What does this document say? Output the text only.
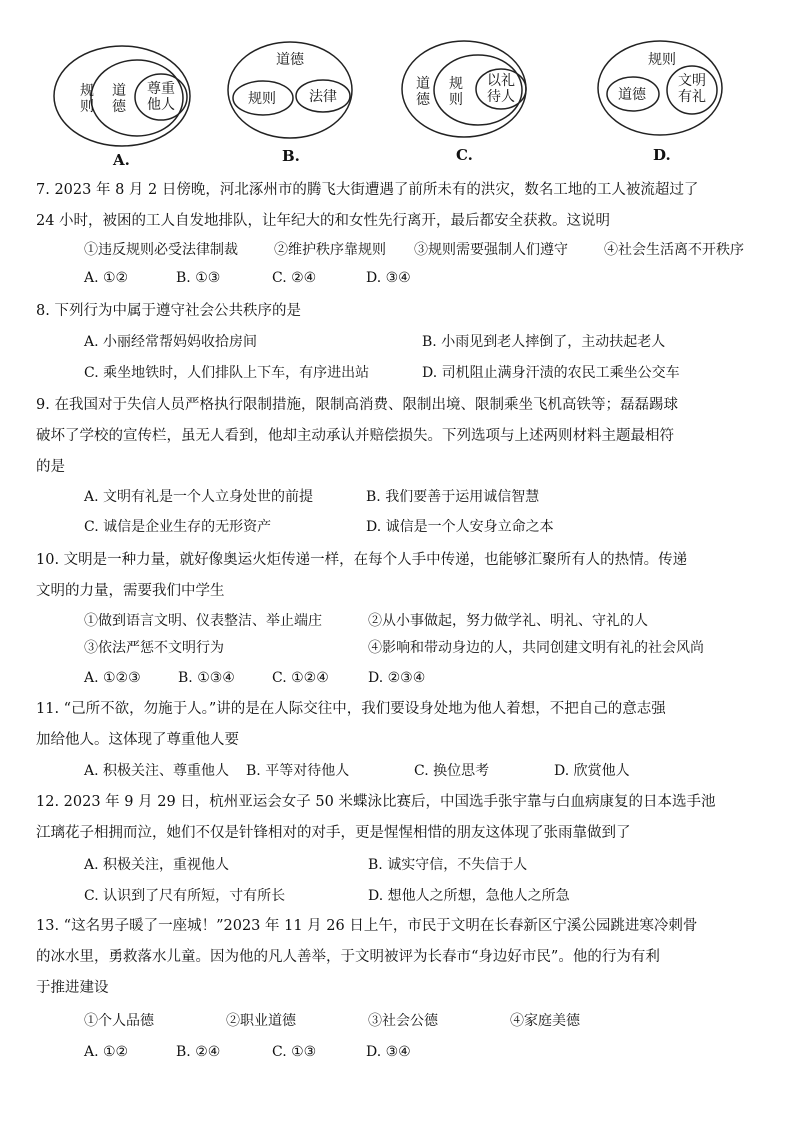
规
则
道
德
尊重
他人
A.
道德
规则 法律
B.
道
德
规
则
以礼
待人
C.
规则
道德
文明
有礼
D.
7. 2023 年 8 月 2 日傍晚，河北涿州市的腾飞大街遭遇了前所未有的洪灾，数名工地的工人被流超过了
24 小时，被困的工人自发地排队，让年纪大的和女性先行离开，最后都安全获救。这说明
①违反规则必受法律制裁	②维护秩序靠规则 ③规则需要强制人们遵守	④社会生活离不开秩序
A. ①②	B. ①③	C. ②④	D. ③④
8. 下列行为中属于遵守社会公共秩序的是
A. 小丽经常帮妈妈收拾房间	B. 小雨见到老人摔倒了，主动扶起老人
C. 乘坐地铁时，人们排队上下车，有序进出站	D. 司机阻止满身汗渍的农民工乘坐公交车
9. 在我国对于失信人员严格执行限制措施，限制高消费、限制出境、限制乘坐飞机高铁等；磊磊踢球
破坏了学校的宣传栏，虽无人看到，他却主动承认并赔偿损失。下列选项与上述两则材料主题最相符
的是
A. 文明有礼是一个人立身处世的前提	B. 我们要善于运用诚信智慧
C. 诚信是企业生存的无形资产	D. 诚信是一个人安身立命之本
10. 文明是一种力量，就好像奥运火炬传递一样，在每个人手中传递，也能够汇聚所有人的热情。传递
文明的力量，需要我们中学生
①做到语言文明、仪表整洁、举止端庄	②从小事做起，努力做学礼、明礼、守礼的人
③依法严惩不文明行为	④影响和带动身边的人，共同创建文明有礼的社会风尚
A. ①②③	B. ①③④	C. ①②④	D. ②③④
11. “己所不欲，勿施于人。”讲的是在人际交往中，我们要设身处地为他人着想，不把自己的意志强
加给他人。这体现了尊重他人要
A. 积极关注、尊重他人 B. 平等对待他人	C. 换位思考	D. 欣赏他人
12. 2023 年 9 月 29 日，杭州亚运会女子 50 米蝶泳比赛后，中国选手张宇靠与白血病康复的日本选手池
江璃花子相拥而泣，她们不仅是针锋相对的对手，更是惺惺相惜的朋友这体现了张雨靠做到了
A. 积极关注，重视他人	B. 诚实守信，不失信于人
C. 认识到了尺有所短，寸有所长	D. 想他人之所想，急他人之所急
13. “这名男子暖了一座城！”2023 年 11 月 26 日上午，市民于文明在长春新区宁溪公园跳进寒冷刺骨
的冰水里，勇救落水儿童。因为他的凡人善举，于文明被评为长春市“身边好市民”。他的行为有利
于推进建设
①个人品德	②职业道德	③社会公德	④家庭美德
A. ①②	B. ②④	C. ①③	D. ③④
